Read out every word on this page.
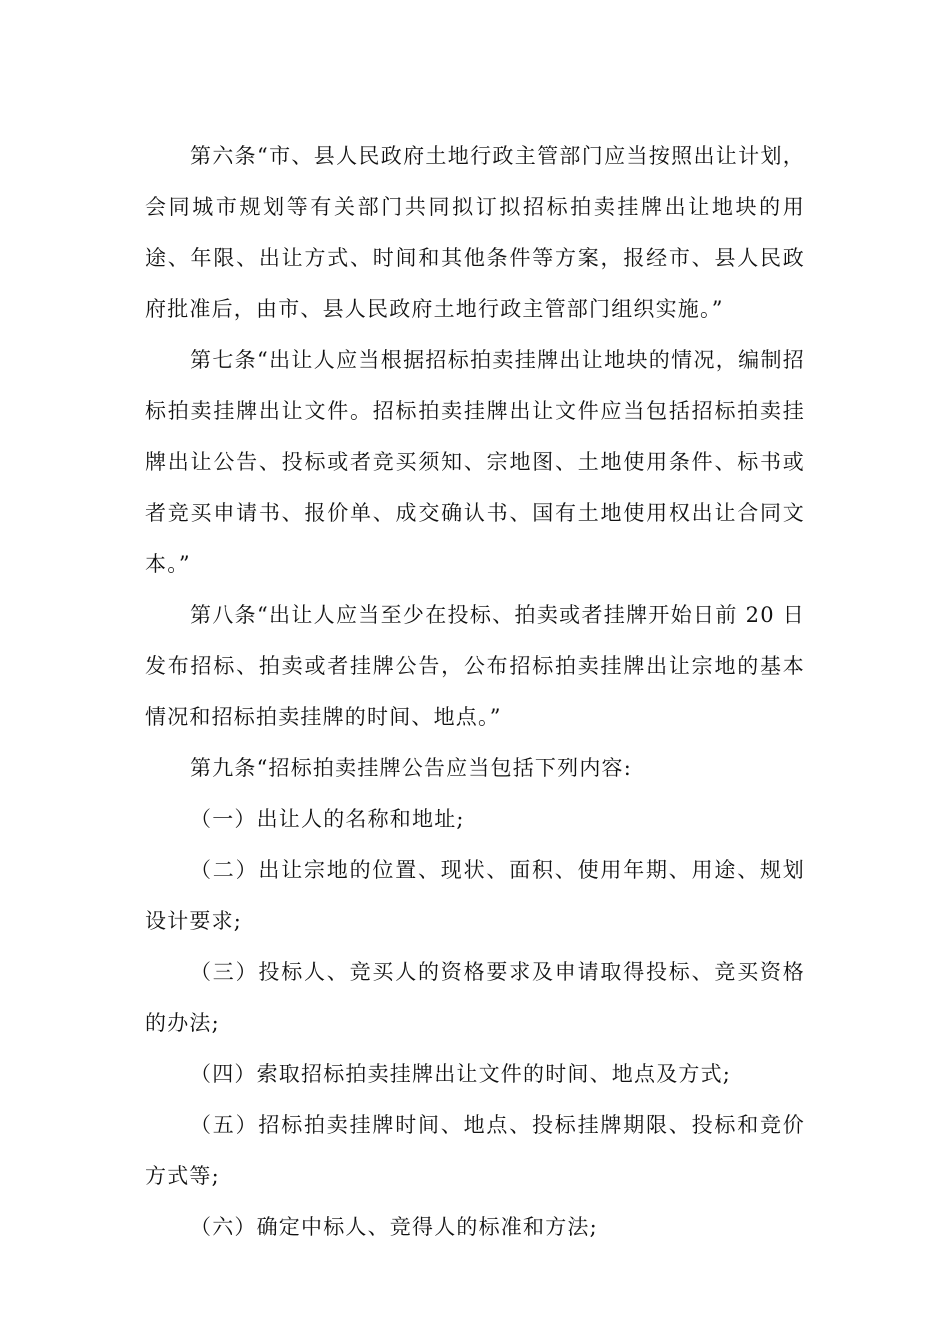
第六条“市、县人民政府土地行政主管部门应当按照出让计划，会同城市规划等有关部门共同拟订拟招标拍卖挂牌出让地块的用途、年限、出让方式、时间和其他条件等方案，报经市、县人民政府批准后，由市、县人民政府土地行政主管部门组织实施。”

第七条“出让人应当根据招标拍卖挂牌出让地块的情况，编制招标拍卖挂牌出让文件。招标拍卖挂牌出让文件应当包括招标拍卖挂牌出让公告、投标或者竞买须知、宗地图、土地使用条件、标书或者竞买申请书、报价单、成交确认书、国有土地使用权出让合同文本。”

第八条“出让人应当至少在投标、拍卖或者挂牌开始日前 20 日发布招标、拍卖或者挂牌公告，公布招标拍卖挂牌出让宗地的基本情况和招标拍卖挂牌的时间、地点。”

第九条“招标拍卖挂牌公告应当包括下列内容:

（一）出让人的名称和地址;

（二）出让宗地的位置、现状、面积、使用年期、用途、规划设计要求;

（三）投标人、竞买人的资格要求及申请取得投标、竞买资格的办法;

（四）索取招标拍卖挂牌出让文件的时间、地点及方式;

（五）招标拍卖挂牌时间、地点、投标挂牌期限、投标和竞价方式等;

（六）确定中标人、竞得人的标准和方法;
